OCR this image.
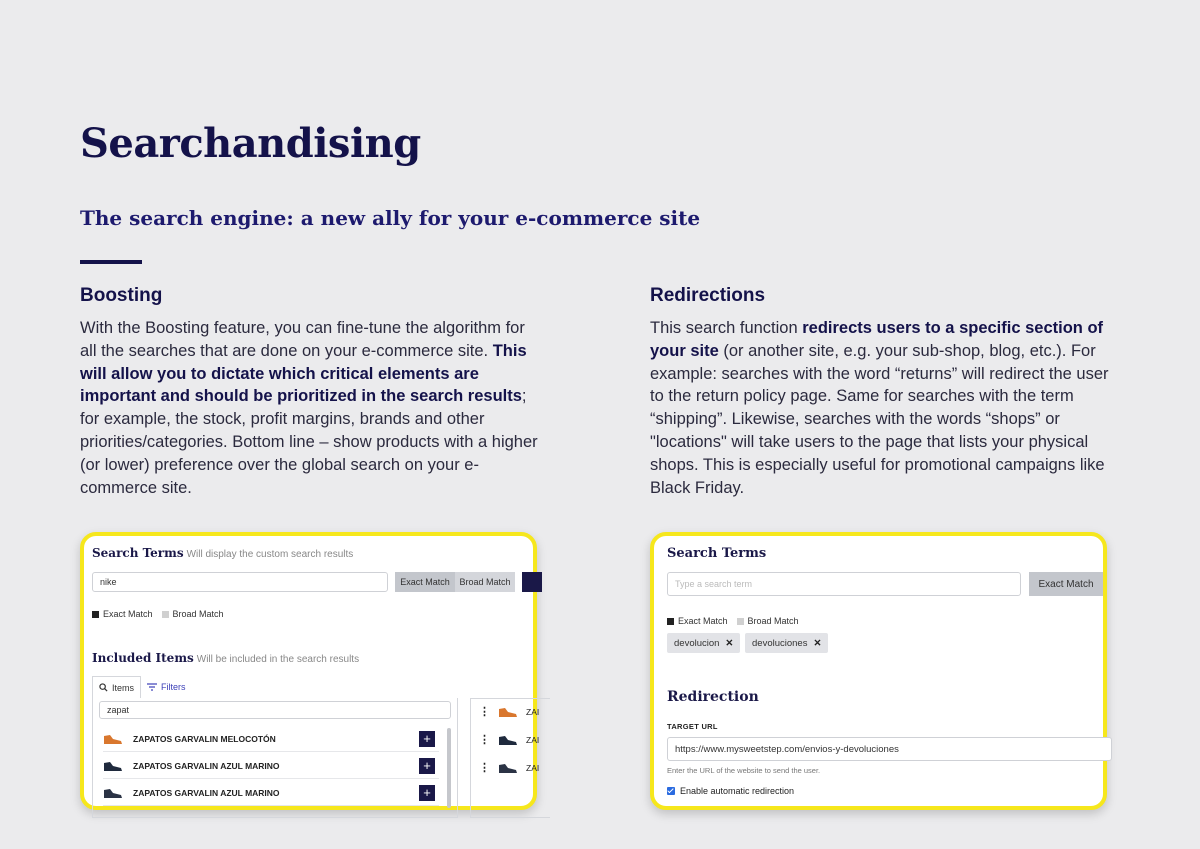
Searchandising
The search engine: a new ally for your e-commerce site
Boosting

With the Boosting feature, you can fine-tune the algorithm for all the searches that are done on your e-commerce site. This will allow you to dictate which critical elements are important and should be prioritized in the search results; for example, the stock, profit margins, brands and other priorities/categories. Bottom line – show products with a higher (or lower) preference over the global search on your e-commerce site.

Redirections

This search function redirects users to a specific section of your site (or another site, e.g. your sub-shop, blog, etc.). For example: searches with the word “returns” will redirect the user to the return policy page. Same for searches with the term “shipping”. Likewise, searches with the words “shops” or "locations" will take users to the page that lists your physical shops. This is especially useful for promotional campaigns like Black Friday.

Search Terms Will display the custom search results
nike	Exact Match	Broad Match
Exact Match Broad Match
Included Items Will be included in the search results
Items	Filters
zapat
ZAPATOS GARVALIN MELOCOTÓN	+
ZAPATOS GARVALIN AZUL MARINO	+
ZAPATOS GARVALIN AZUL MARINO	+
⋮	ZAI
⋮	ZAI
⋮	ZAI
Search Terms
Type a search term	Exact Match
Exact Match Broad Match
devolucion ✕ devoluciones ✕
Redirection
TARGET URL
https://www.mysweetstep.com/envios-y-devoluciones
Enter the URL of the website to send the user.
Enable automatic redirection
